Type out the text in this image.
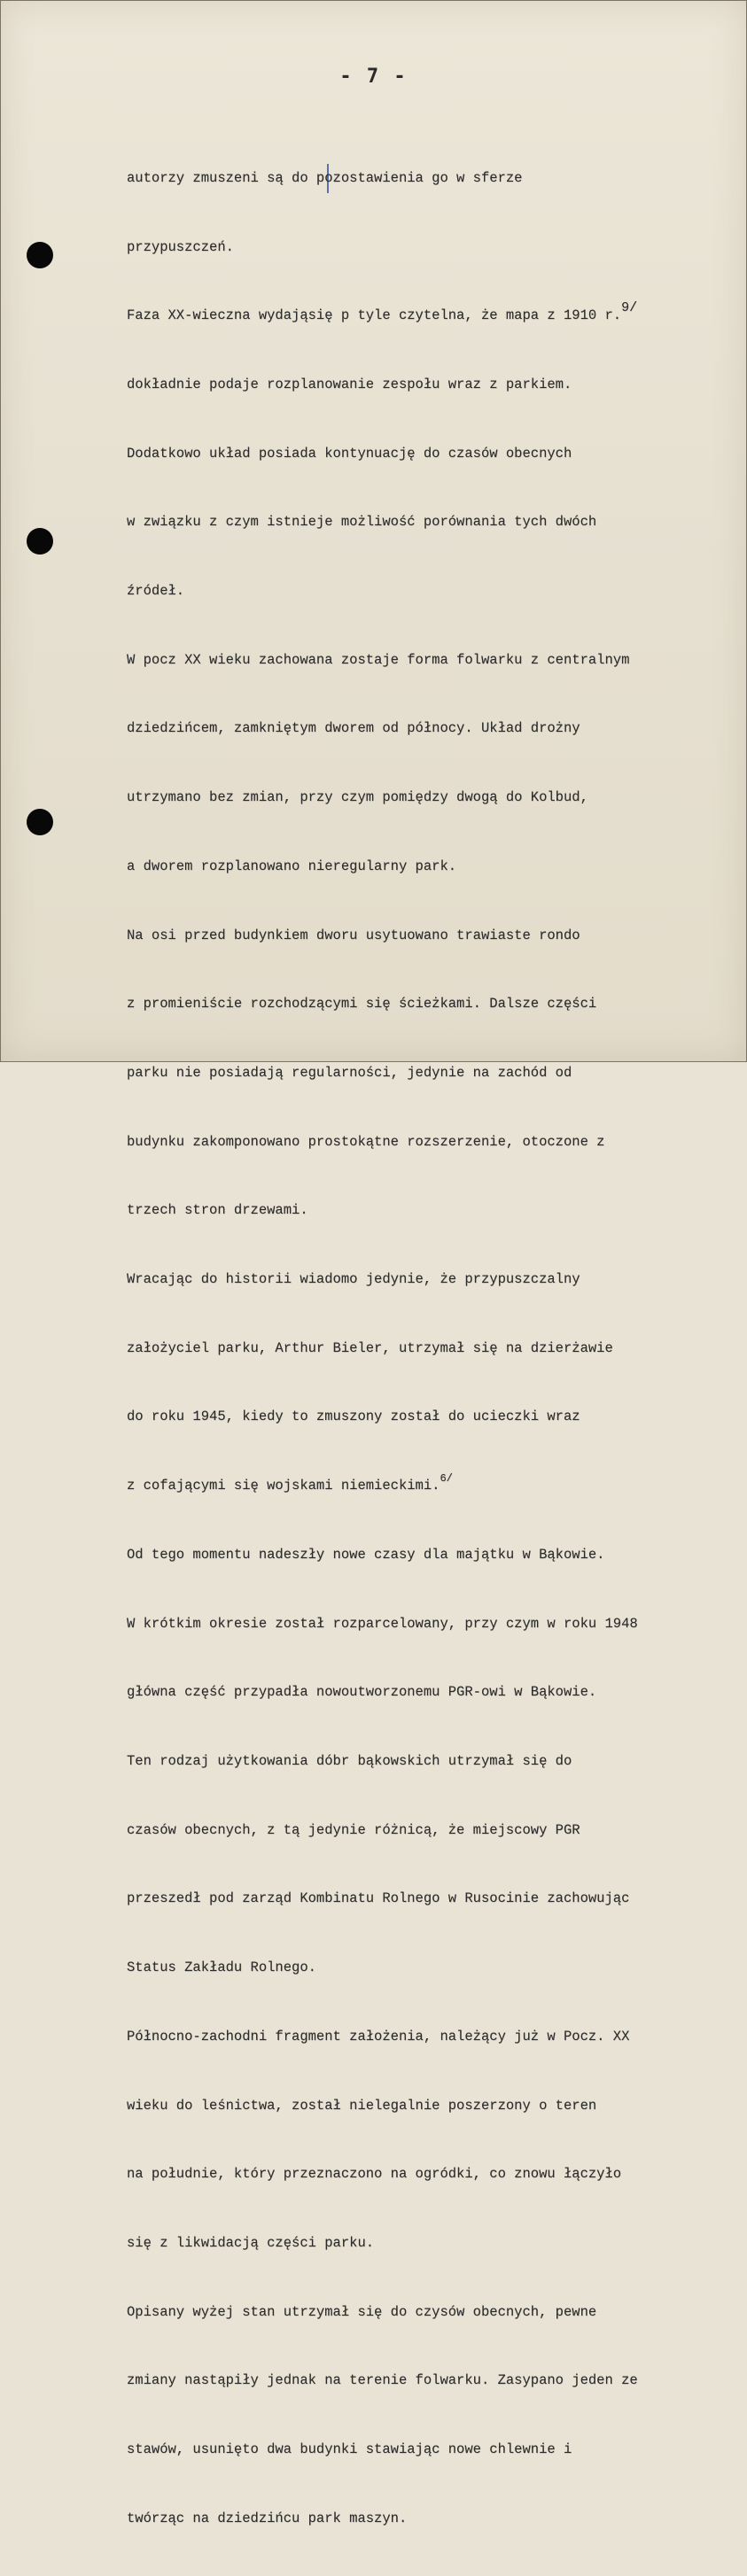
- 7 -

autorzy zmuszeni są do pozostawienia go w sferze

przypuszczeń.

Faza XX-wieczna wydająsię p tyle czytelna, że mapa z 1910 r.9/

dokładnie podaje rozplanowanie zespołu wraz z parkiem.

Dodatkowo układ posiada kontynuację do czasów obecnych

w związku z czym istnieje możliwość porównania tych dwóch

źródeł.

W pocz XX wieku zachowana zostaje forma folwarku z centralnym

dziedzińcem, zamkniętym dworem od północy. Układ drożny

utrzymano bez zmian, przy czym pomiędzy dwogą do Kolbud,

a dworem rozplanowano nieregularny park.

Na osi przed budynkiem dworu usytuowano trawiaste rondo

z promieniście rozchodzącymi się ścieżkami. Dalsze części

parku nie posiadają regularności, jedynie na zachód od

budynku zakomponowano prostokątne rozszerzenie, otoczone z

trzech stron drzewami.

Wracając do historii wiadomo jedynie, że przypuszczalny

założyciel parku, Arthur Bieler, utrzymał się na dzierżawie

do roku 1945, kiedy to zmuszony został do ucieczki wraz

z cofającymi się wojskami niemieckimi.$^{6/}$

Od tego momentu nadeszły nowe czasy dla majątku w Bąkowie.

W krótkim okresie został rozparcelowany, przy czym w roku 1948

główna część przypadła nowoutworzonemu PGR-owi w Bąkowie.

Ten rodzaj użytkowania dóbr bąkowskich utrzymał się do

czasów obecnych, z tą jedynie różnicą, że miejscowy PGR

przeszedł pod zarząd Kombinatu Rolnego w Rusocinie zachowując

Status Zakładu Rolnego.

Północno-zachodni fragment założenia, należący już w Pocz. XX

wieku do leśnictwa, został nielegalnie poszerzony o teren

na południe, który przeznaczono na ogródki, co znowu łączyło

się z likwidacją części parku.

Opisany wyżej stan utrzymał się do czysów obecnych, pewne

zmiany nastąpiły jednak na terenie folwarku. Zasypano jeden ze

stawów, usunięto dwa budynki stawiając nowe chlewnie i

twórząc na dziedzińcu park maszyn.
